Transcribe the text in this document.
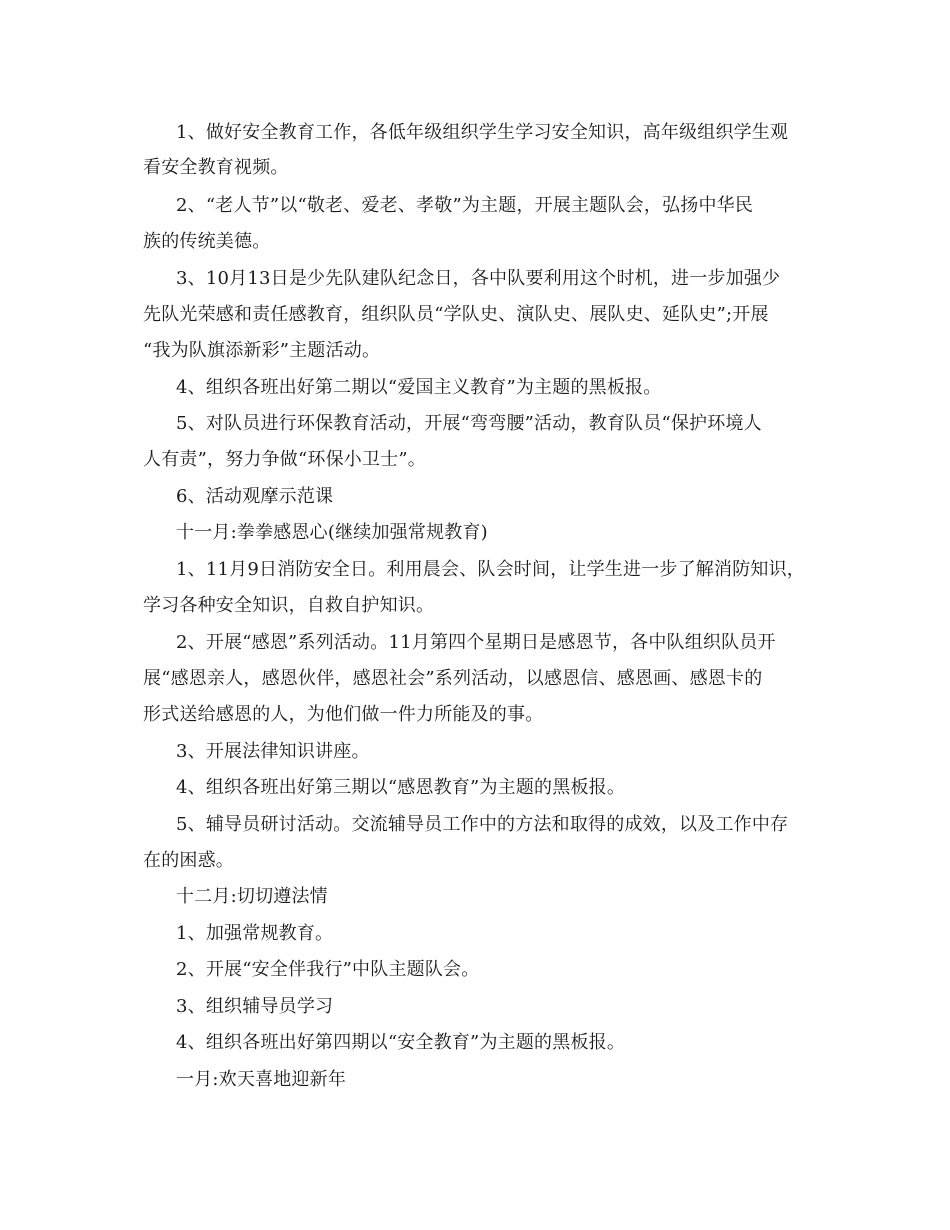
1、做好安全教育工作，各低年级组织学生学习安全知识，高年级组织学生观
看安全教育视频。
2、“老人节”以“敬老、爱老、孝敬”为主题，开展主题队会，弘扬中华民
族的传统美德。
3、10月13日是少先队建队纪念日，各中队要利用这个时机，进一步加强少
先队光荣感和责任感教育，组织队员“学队史、演队史、展队史、延队史”;开展
“我为队旗添新彩”主题活动。
4、组织各班出好第二期以“爱国主义教育”为主题的黑板报。
5、对队员进行环保教育活动，开展“弯弯腰”活动，教育队员“保护环境人
人有责”，努力争做“环保小卫士”。
6、活动观摩示范课
十一月:拳拳感恩心(继续加强常规教育)
1、11月9日消防安全日。利用晨会、队会时间，让学生进一步了解消防知识，
学习各种安全知识，自救自护知识。
2、开展“感恩”系列活动。11月第四个星期日是感恩节，各中队组织队员开
展“感恩亲人，感恩伙伴，感恩社会”系列活动，以感恩信、感恩画、感恩卡的
形式送给感恩的人，为他们做一件力所能及的事。
3、开展法律知识讲座。
4、组织各班出好第三期以“感恩教育”为主题的黑板报。
5、辅导员研讨活动。交流辅导员工作中的方法和取得的成效，以及工作中存
在的困惑。
十二月:切切遵法情
1、加强常规教育。
2、开展“安全伴我行”中队主题队会。
3、组织辅导员学习
4、组织各班出好第四期以“安全教育”为主题的黑板报。
一月:欢天喜地迎新年
